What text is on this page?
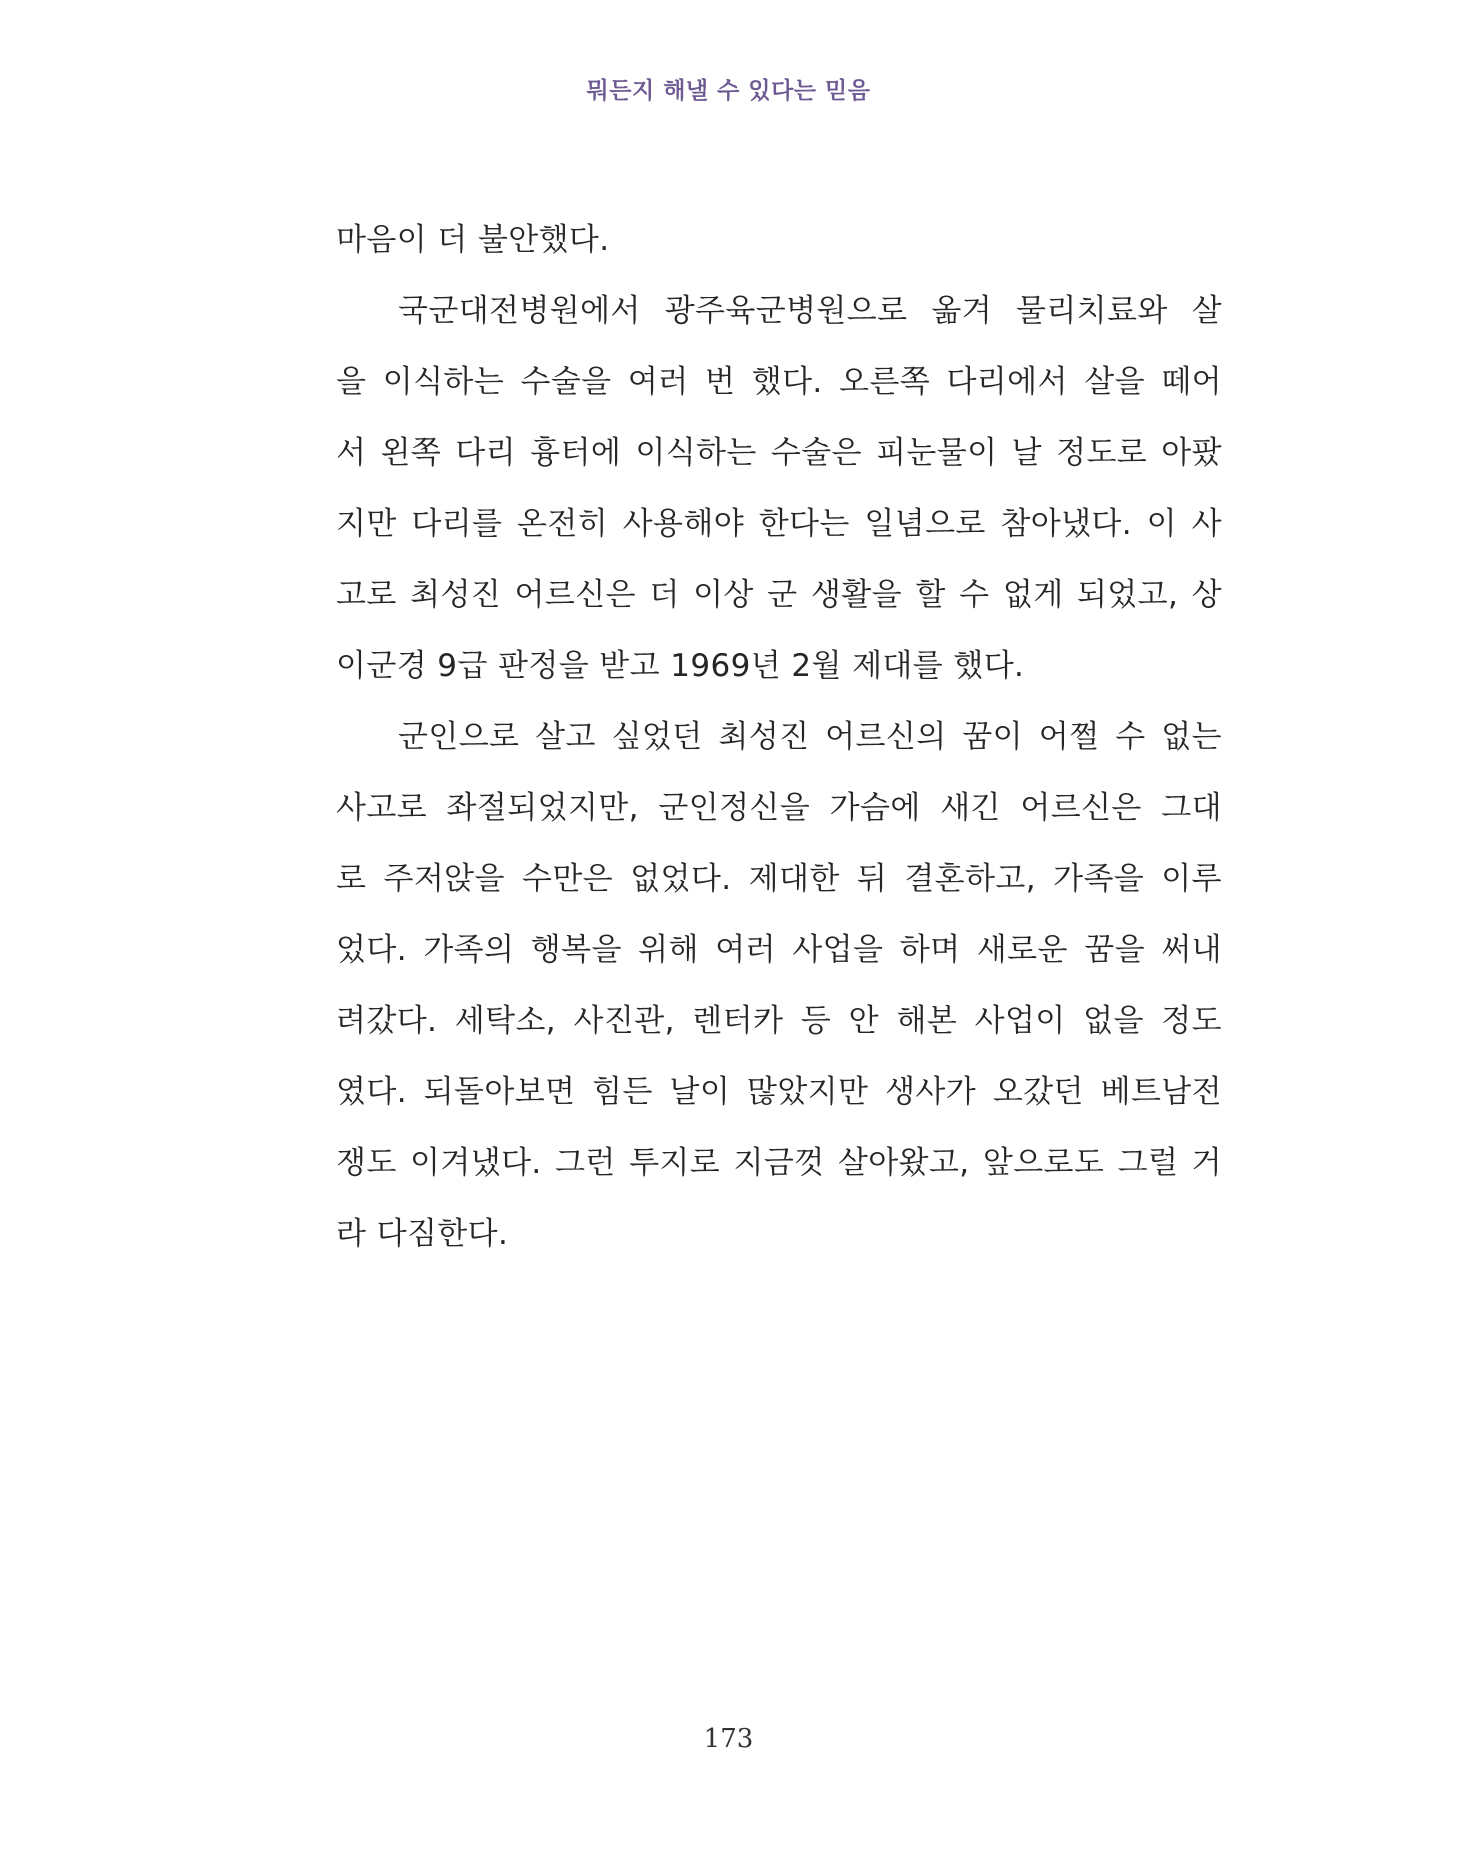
뭐든지 해낼 수 있다는 믿음
마음이 더 불안했다.
국군대전병원에서 광주육군병원으로 옮겨 물리치료와 살
을 이식하는 수술을 여러 번 했다. 오른쪽 다리에서 살을 떼어
서 왼쪽 다리 흉터에 이식하는 수술은 피눈물이 날 정도로 아팠
지만 다리를 온전히 사용해야 한다는 일념으로 참아냈다. 이 사
고로 최성진 어르신은 더 이상 군 생활을 할 수 없게 되었고, 상
이군경 9급 판정을 받고 1969년 2월 제대를 했다.
군인으로 살고 싶었던 최성진 어르신의 꿈이 어쩔 수 없는
사고로 좌절되었지만, 군인정신을 가슴에 새긴 어르신은 그대
로 주저앉을 수만은 없었다. 제대한 뒤 결혼하고, 가족을 이루
었다. 가족의 행복을 위해 여러 사업을 하며 새로운 꿈을 써내
려갔다. 세탁소, 사진관, 렌터카 등 안 해본 사업이 없을 정도
였다. 되돌아보면 힘든 날이 많았지만 생사가 오갔던 베트남전
쟁도 이겨냈다. 그런 투지로 지금껏 살아왔고, 앞으로도 그럴 거
라 다짐한다.
173
